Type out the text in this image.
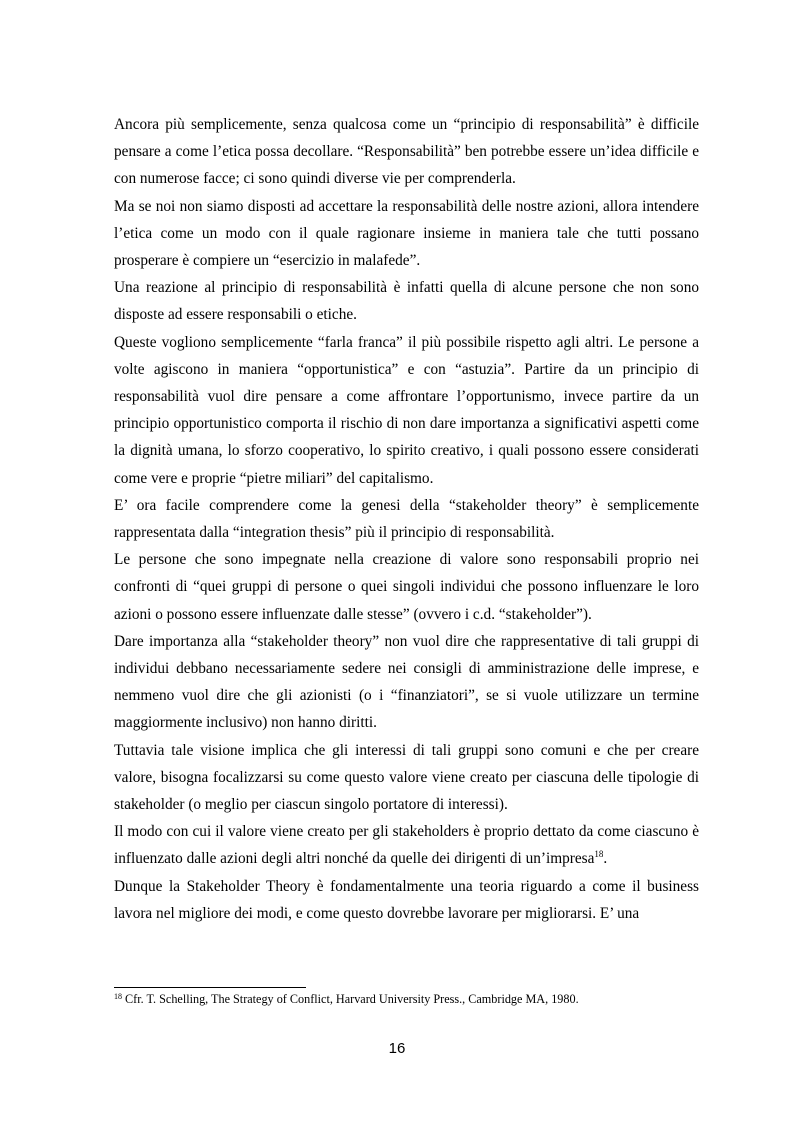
Ancora più semplicemente, senza qualcosa come un “principio di responsabilità” è difficile pensare a come l’etica possa decollare. “Responsabilità” ben potrebbe essere un’idea difficile e con numerose facce; ci sono quindi diverse vie per comprenderla.

Ma se noi non siamo disposti ad accettare la responsabilità delle nostre azioni, allora intendere l’etica come un modo con il quale ragionare insieme in maniera tale che tutti possano prosperare è compiere un “esercizio in malafede”.

Una reazione al principio di responsabilità è infatti quella di alcune persone che non sono disposte ad essere responsabili o etiche.

Queste vogliono semplicemente “farla franca” il più possibile rispetto agli altri. Le persone a volte agiscono in maniera “opportunistica” e con “astuzia”. Partire da un principio di responsabilità vuol dire pensare a come affrontare l’opportunismo, invece partire da un principio opportunistico comporta il rischio di non dare importanza a significativi aspetti come la dignità umana, lo sforzo cooperativo, lo spirito creativo, i quali possono essere considerati come vere e proprie “pietre miliari” del capitalismo.

E’ ora facile comprendere come la genesi della “stakeholder theory” è semplicemente rappresentata dalla “integration thesis” più il principio di responsabilità.

Le persone che sono impegnate nella creazione di valore sono responsabili proprio nei confronti di “quei gruppi di persone o quei singoli individui che possono influenzare le loro azioni o possono essere influenzate dalle stesse” (ovvero i c.d. “stakeholder”).

Dare importanza alla “stakeholder theory” non vuol dire che rappresentative di tali gruppi di individui debbano necessariamente sedere nei consigli di amministrazione delle imprese, e nemmeno vuol dire che gli azionisti (o i “finanziatori”, se si vuole utilizzare un termine maggiormente inclusivo) non hanno diritti.

Tuttavia tale visione implica che gli interessi di tali gruppi sono comuni e che per creare valore, bisogna focalizzarsi su come questo valore viene creato per ciascuna delle tipologie di stakeholder (o meglio per ciascun singolo portatore di interessi).

Il modo con cui il valore viene creato per gli stakeholders è proprio dettato da come ciascuno è influenzato dalle azioni degli altri nonché da quelle dei dirigenti di un’impresa$^{18}$.

Dunque la Stakeholder Theory è fondamentalmente una teoria riguardo a come il business lavora nel migliore dei modi, e come questo dovrebbe lavorare per migliorarsi. E’ una

$^{18}$ Cfr. T. Schelling, The Strategy of Conflict, Harvard University Press., Cambridge MA, 1980.
16
